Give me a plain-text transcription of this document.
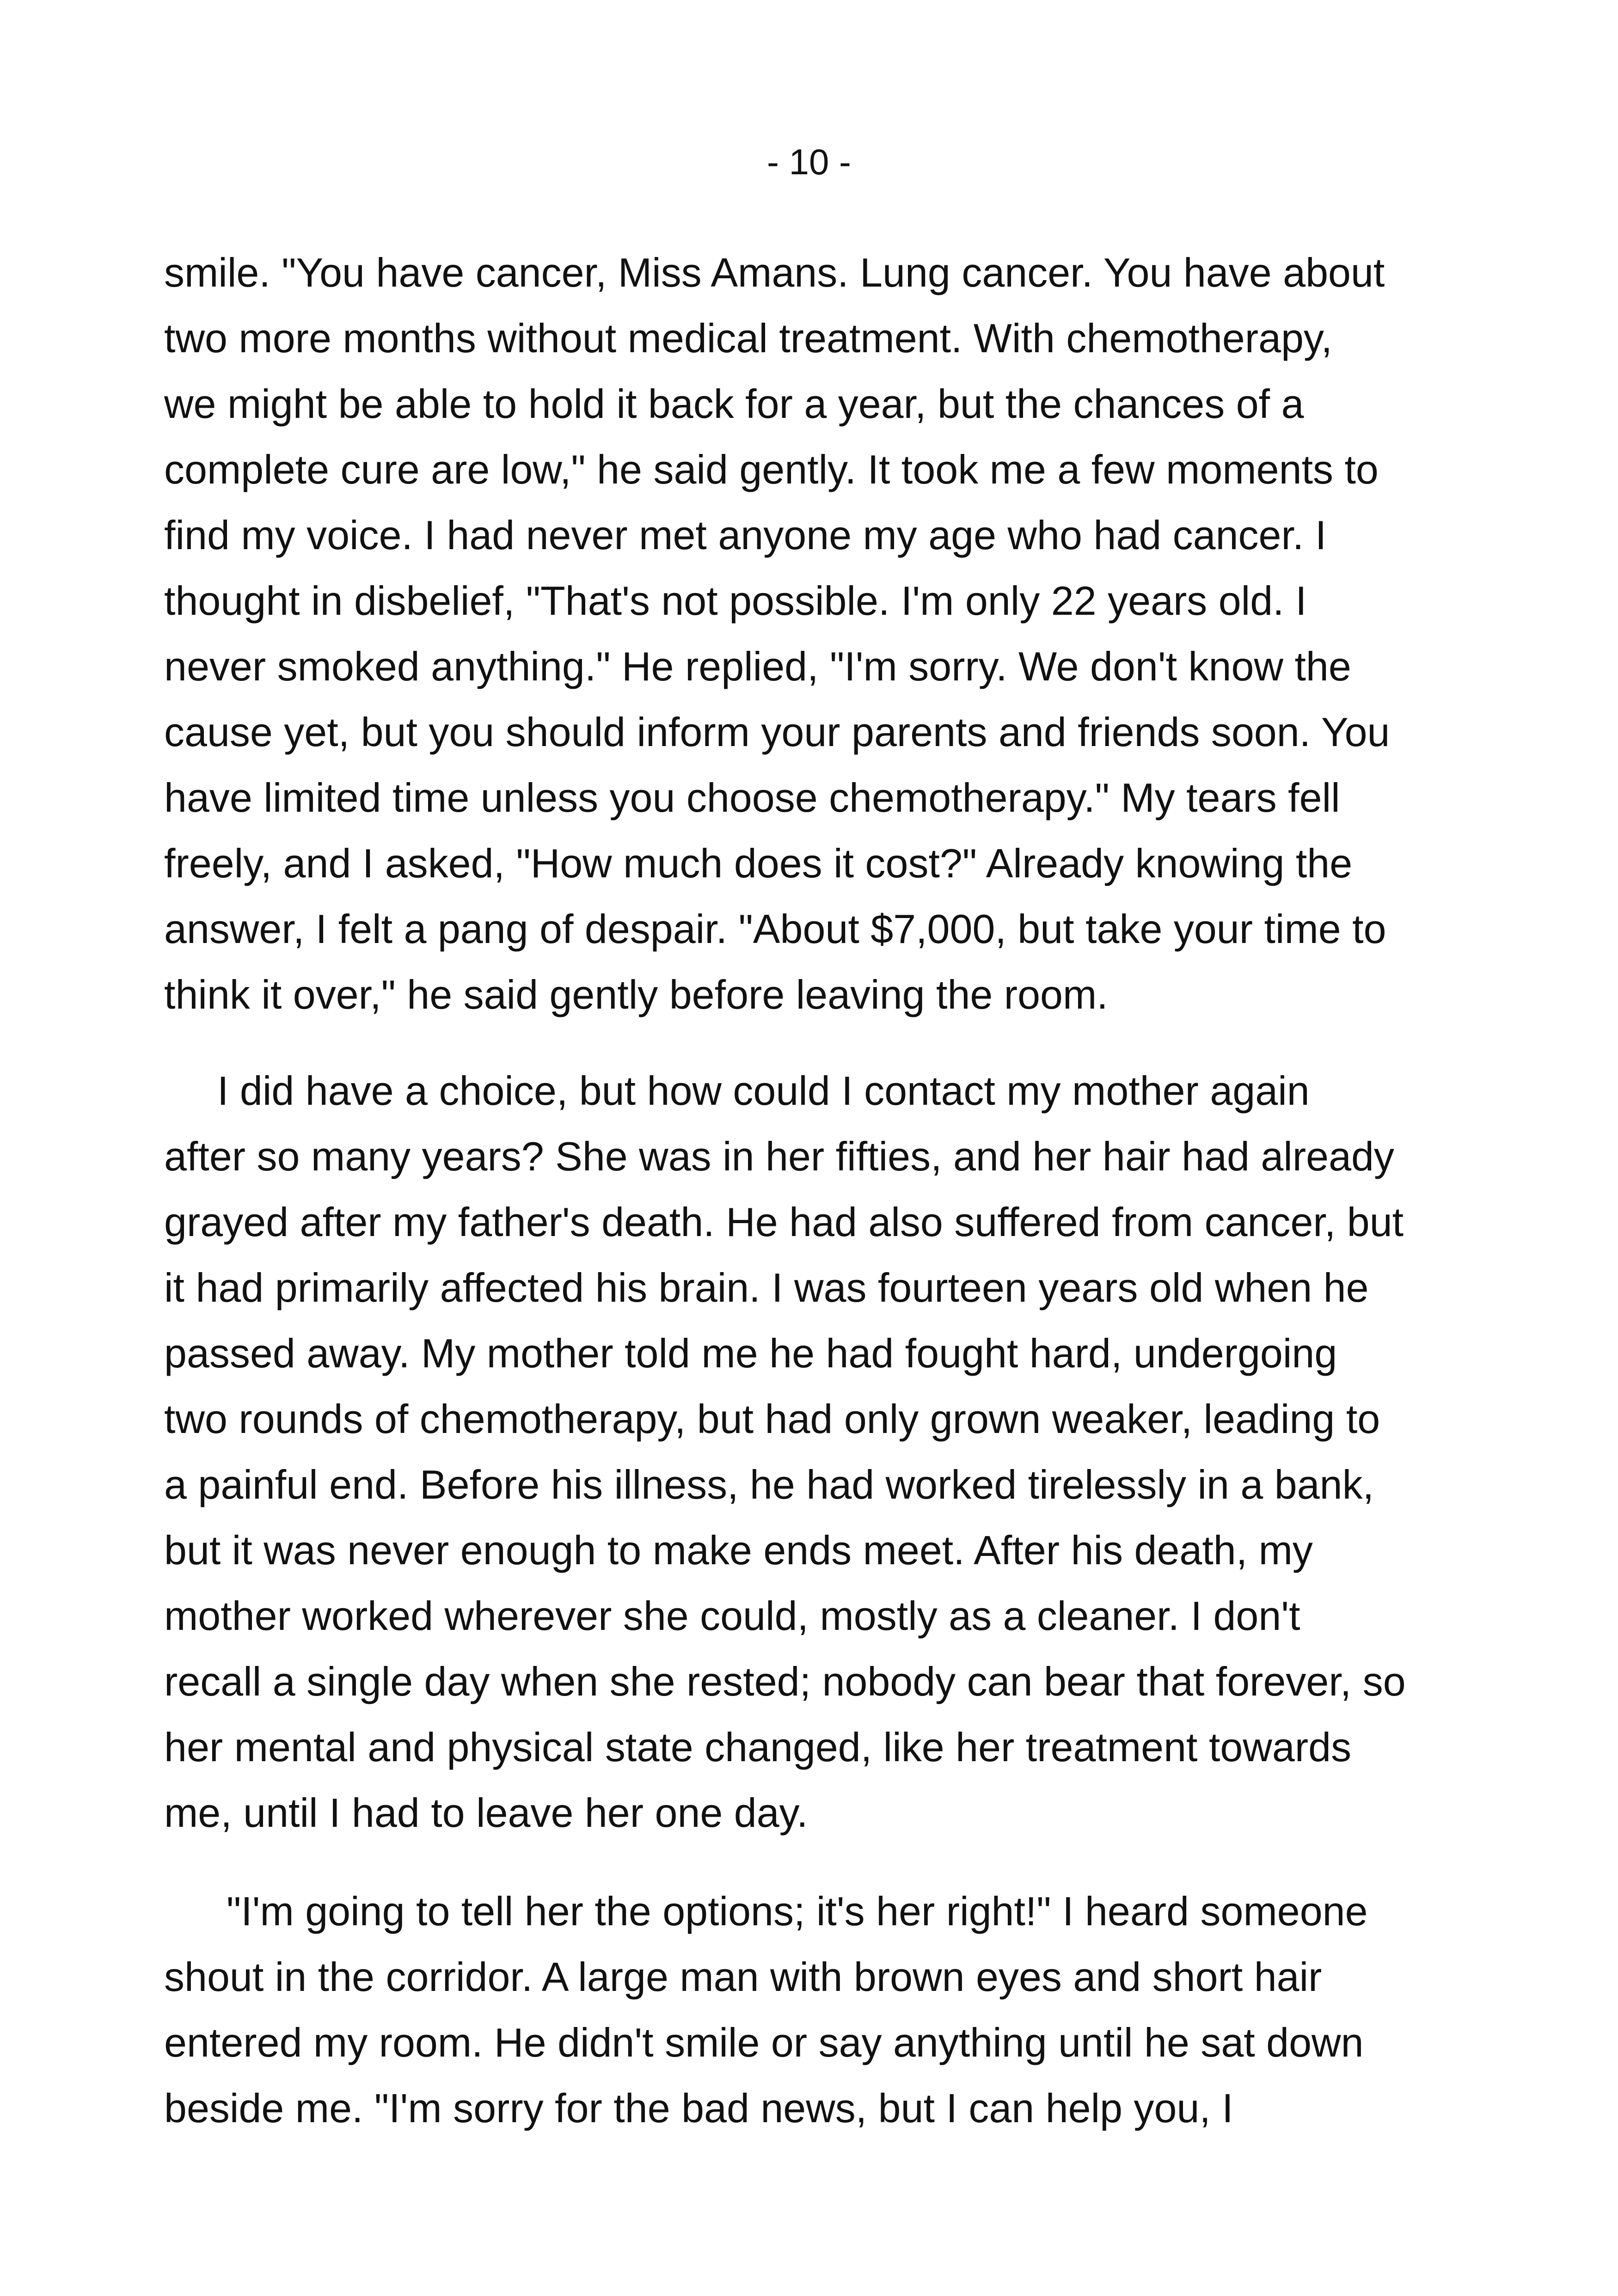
- 10 -
smile. "You have cancer, Miss Amans. Lung cancer. You have about
two more months without medical treatment. With chemotherapy,
we might be able to hold it back for a year, but the chances of a
complete cure are low," he said gently. It took me a few moments to
find my voice. I had never met anyone my age who had cancer. I
thought in disbelief, "That's not possible. I'm only 22 years old. I
never smoked anything." He replied, "I'm sorry. We don't know the
cause yet, but you should inform your parents and friends soon. You
have limited time unless you choose chemotherapy." My tears fell
freely, and I asked, "How much does it cost?" Already knowing the
answer, I felt a pang of despair. "About $7,000, but take your time to
think it over," he said gently before leaving the room.
I did have a choice, but how could I contact my mother again
after so many years? She was in her fifties, and her hair had already
grayed after my father's death. He had also suffered from cancer, but
it had primarily affected his brain. I was fourteen years old when he
passed away. My mother told me he had fought hard, undergoing
two rounds of chemotherapy, but had only grown weaker, leading to
a painful end. Before his illness, he had worked tirelessly in a bank,
but it was never enough to make ends meet. After his death, my
mother worked wherever she could, mostly as a cleaner. I don't
recall a single day when she rested; nobody can bear that forever, so
her mental and physical state changed, like her treatment towards
me, until I had to leave her one day.
"I'm going to tell her the options; it's her right!" I heard someone
shout in the corridor. A large man with brown eyes and short hair
entered my room. He didn't smile or say anything until he sat down
beside me. "I'm sorry for the bad news, but I can help you, I
